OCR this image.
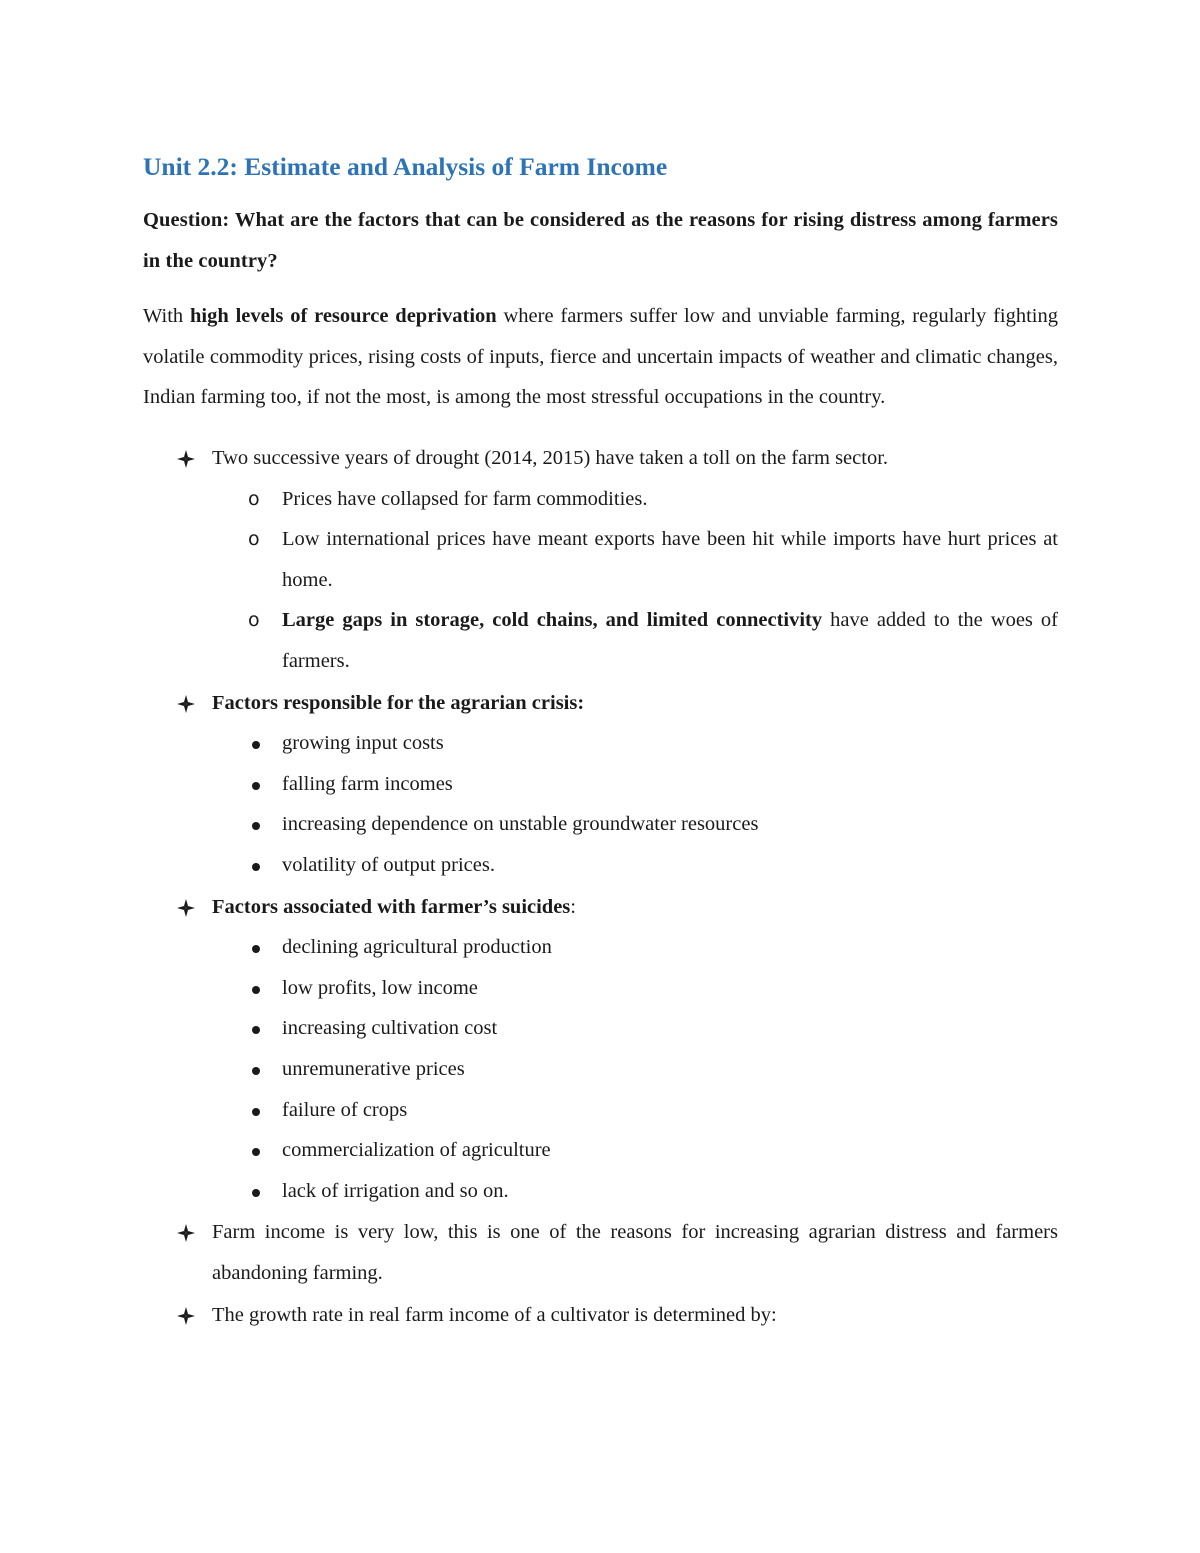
Unit 2.2: Estimate and Analysis of Farm Income

Question: What are the factors that can be considered as the reasons for rising distress among farmers in the country?

With high levels of resource deprivation where farmers suffer low and unviable farming, regularly fighting volatile commodity prices, rising costs of inputs, fierce and uncertain impacts of weather and climatic changes, Indian farming too, if not the most, is among the most stressful occupations in the country.

Two successive years of drought (2014, 2015) have taken a toll on the farm sector.
o Prices have collapsed for farm commodities.
o Low international prices have meant exports have been hit while imports have hurt prices at home.
o Large gaps in storage, cold chains, and limited connectivity have added to the woes of farmers.
Factors responsible for the agrarian crisis:
growing input costs
falling farm incomes
increasing dependence on unstable groundwater resources
volatility of output prices.
Factors associated with farmer’s suicides:
declining agricultural production
low profits, low income
increasing cultivation cost
unremunerative prices
failure of crops
commercialization of agriculture
lack of irrigation and so on.
Farm income is very low, this is one of the reasons for increasing agrarian distress and farmers abandoning farming.
The growth rate in real farm income of a cultivator is determined by:
